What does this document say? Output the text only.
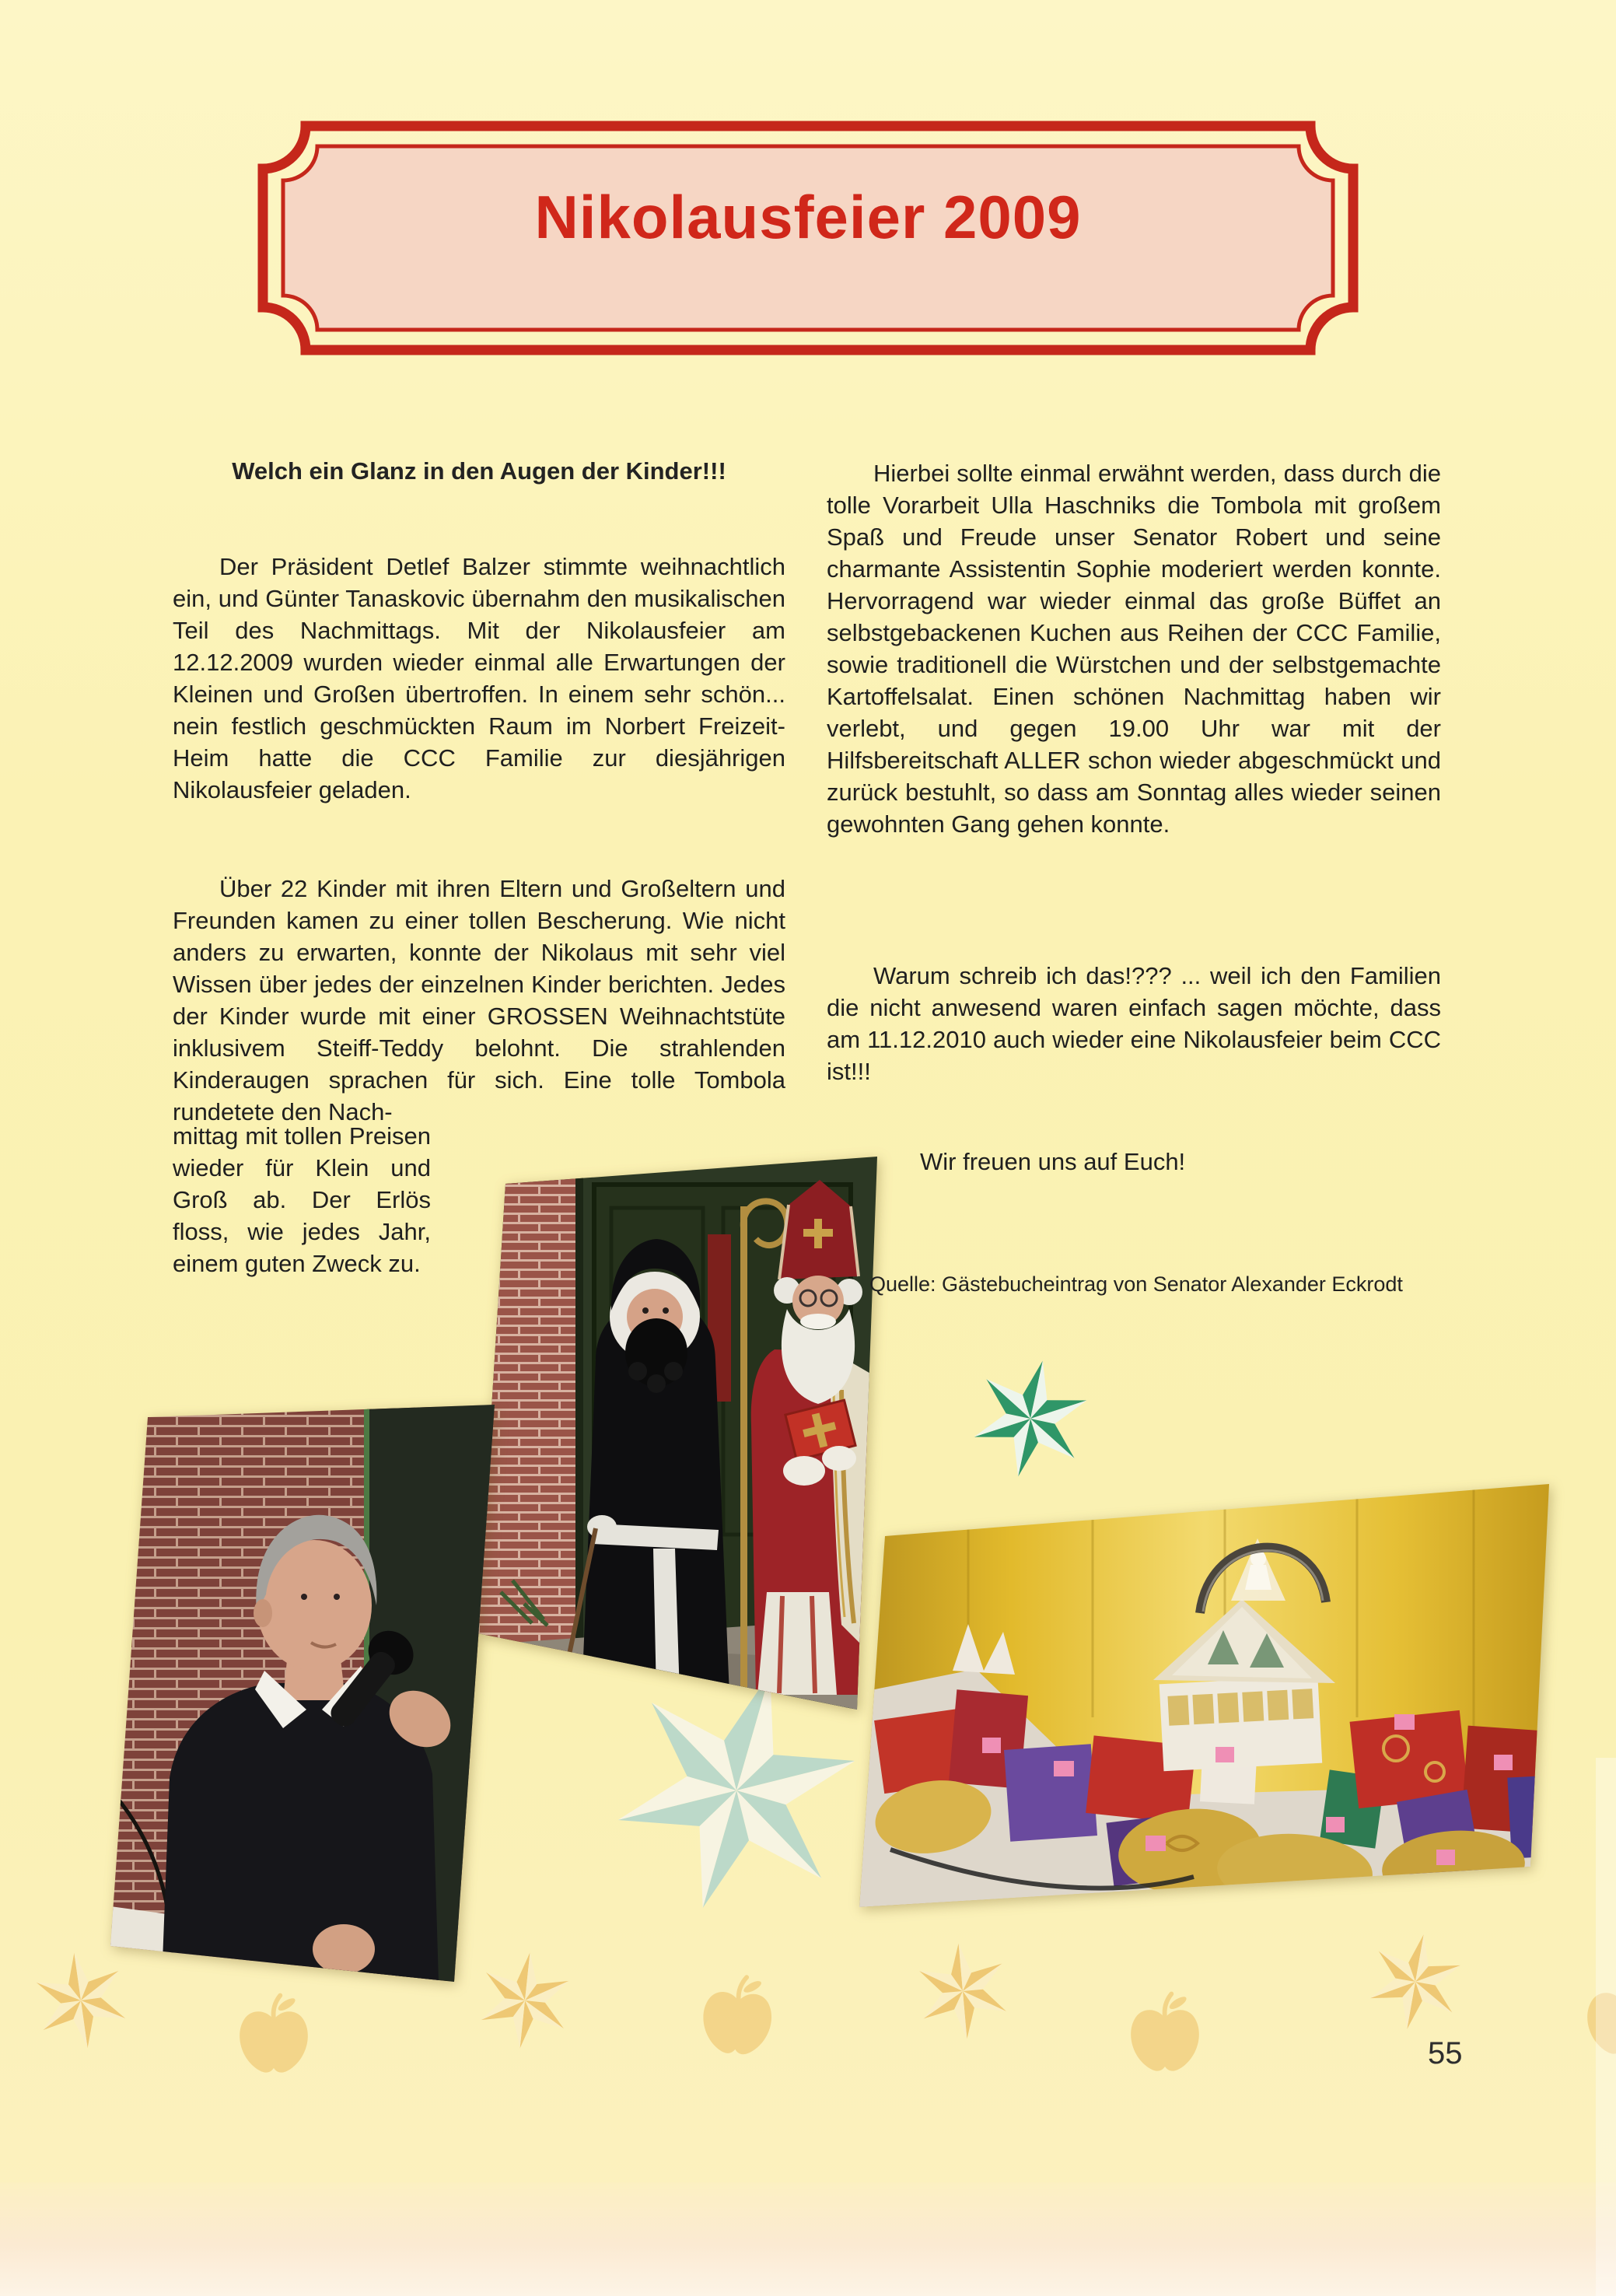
Nikolausfeier 2009
Welch ein Glanz in den Augen der Kinder!!!
Der Präsident Detlef Balzer stimmte weihnachtlich ein, und Günter Tanaskovic übernahm den musikalischen Teil des Nachmittags. Mit der Nikolausfeier am 12.12.2009 wurden wieder einmal alle Erwartungen der Kleinen und Großen übertroffen. In einem sehr schön... nein festlich geschmückten Raum im Norbert Freizeit- Heim hatte die CCC Familie zur diesjährigen Nikolausfeier geladen.
Über 22 Kinder mit ihren Eltern und Großeltern und Freunden kamen zu einer tollen Bescherung. Wie nicht anders zu erwarten, konnte der Nikolaus mit sehr viel Wissen über jedes der einzelnen Kinder berichten. Jedes der Kinder wurde mit einer GROSSEN Weihnachtstüte inklusivem Steiff-Teddy belohnt. Die strahlenden Kinderaugen sprachen für sich. Eine tolle Tombola rundetete den Nach-
mittag mit tollen Preisen wieder für Klein und Groß ab. Der Erlös floss, wie jedes Jahr, einem guten Zweck zu.
Hierbei sollte einmal erwähnt werden, dass durch die tolle Vorarbeit Ulla Haschniks die Tombola mit großem Spaß und Freude unser Senator Robert und seine charmante Assistentin Sophie moderiert werden konnte. Hervorragend war wieder einmal das große Büffet an selbstgebackenen Kuchen aus Reihen der CCC Familie, sowie traditionell die Würstchen und der selbstgemachte Kartoffelsalat. Einen schönen Nachmittag haben wir verlebt, und gegen 19.00 Uhr war mit der Hilfsbereitschaft ALLER schon wieder abgeschmückt und zurück bestuhlt, so dass am Sonntag alles wieder seinen gewohnten Gang gehen konnte.
Warum schreib ich das!??? ... weil ich den Familien die nicht anwesend waren einfach sagen möchte, dass am 11.12.2010 auch wieder eine Nikolausfeier beim CCC ist!!!
Wir freuen uns auf Euch!
Quelle: Gästebucheintrag von Senator Alexander Eckrodt
55
